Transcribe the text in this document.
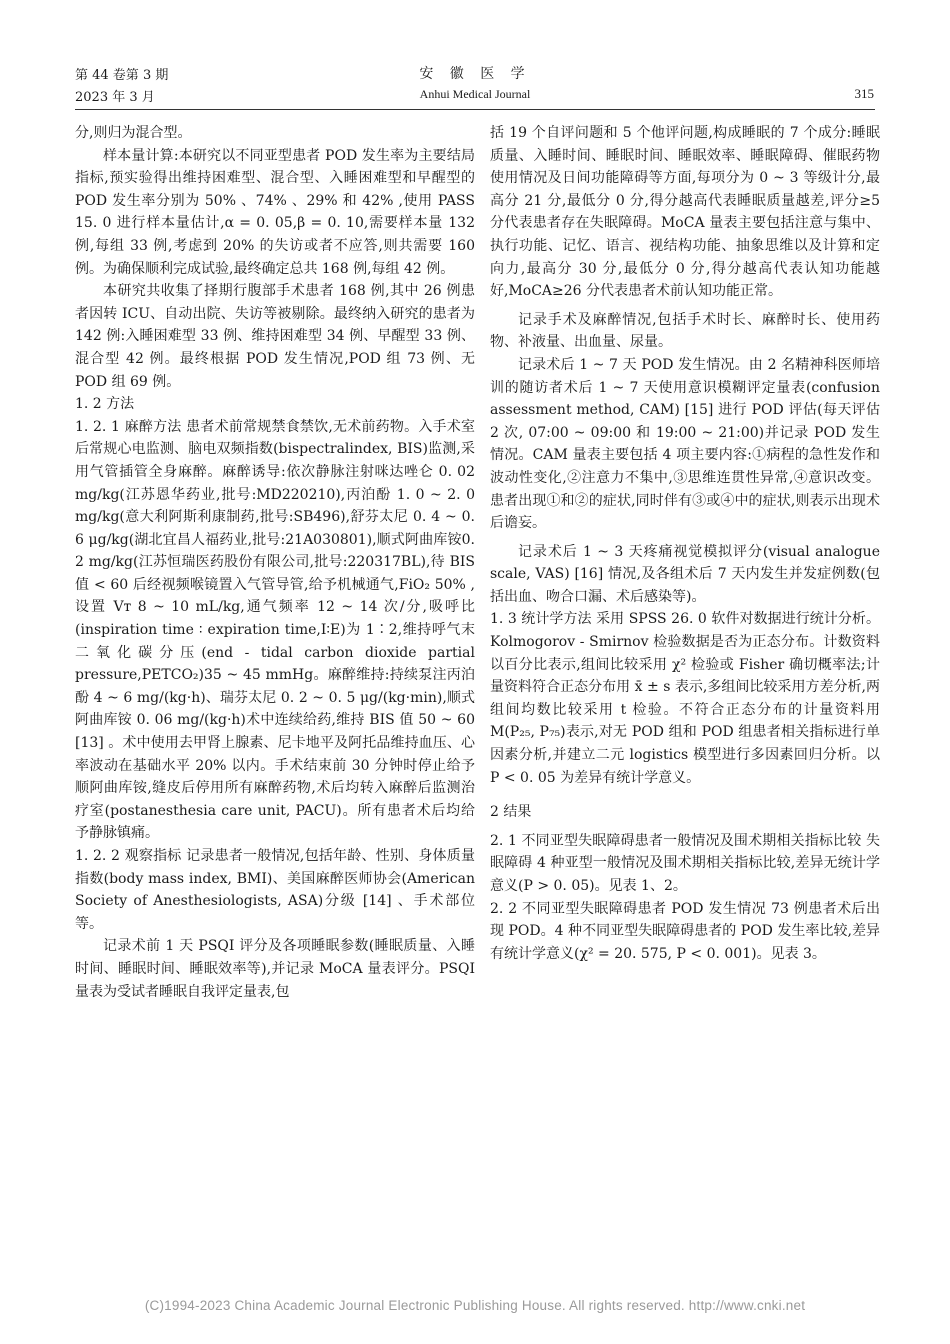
第 44 卷第 3 期
2023 年 3 月
安 徽 医 学
Anhui Medical Journal	315

分,则归为混合型。

样本量计算:本研究以不同亚型患者 POD 发生率为主要结局指标,预实验得出维持困难型、混合型、入睡困难型和早醒型的 POD 发生率分别为 50% 、74% 、29% 和 42% ,使用 PASS 15. 0 进行样本量估计,α = 0. 05,β = 0. 10,需要样本量 132 例,每组 33 例,考虑到 20% 的失访或者不应答,则共需要 160 例。为确保顺利完成试验,最终确定总共 168 例,每组 42 例。

本研究共收集了择期行腹部手术患者 168 例,其中 26 例患者因转 ICU、自动出院、失访等被剔除。最终纳入研究的患者为 142 例:入睡困难型 33 例、维持困难型 34 例、早醒型 33 例、混合型 42 例。最终根据 POD 发生情况,POD 组 73 例、无 POD 组 69 例。

1. 2 方法

1. 2. 1 麻醉方法 患者术前常规禁食禁饮,无术前药物。入手术室后常规心电监测、脑电双频指数(bispectralindex, BIS)监测,采用气管插管全身麻醉。麻醉诱导:依次静脉注射咪达唑仑 0. 02 mg/kg(江苏恩华药业,批号:MD220210),丙泊酚 1. 0 ~ 2. 0 mg/kg(意大利阿斯利康制药,批号:SB496),舒芬太尼 0. 4 ~ 0. 6 μg/kg(湖北宜昌人福药业,批号:21A030801),顺式阿曲库铵0. 2 mg/kg(江苏恒瑞医药股份有限公司,批号:220317BL),待 BIS 值 < 60 后经视频喉镜置入气管导管,给予机械通气,FiO₂ 50% ,设置 Vт 8 ~ 10 mL/kg,通气频率 12 ~ 14 次/分,吸呼比(inspiration time ∶ expiration time,I∶E)为 1∶2,维持呼气末二氧化碳分压(end - tidal carbon dioxide partial pressure,PETCO₂)35 ~ 45 mmHg。麻醉维持:持续泵注丙泊酚 4 ~ 6 mg/(kg·h)、瑞芬太尼 0. 2 ~ 0. 5 μg/(kg·min),顺式阿曲库铵 0. 06 mg/(kg·h)术中连续给药,维持 BIS 值 50 ~ 60 [13] 。术中使用去甲肾上腺素、尼卡地平及阿托品维持血压、心率波动在基础水平 20% 以内。手术结束前 30 分钟时停止给予顺阿曲库铵,缝皮后停用所有麻醉药物,术后均转入麻醉后监测治疗室(postanesthesia care unit, PACU)。所有患者术后均给予静脉镇痛。

1. 2. 2 观察指标 记录患者一般情况,包括年龄、性别、身体质量指数(body mass index, BMI)、美国麻醉医师协会(American Society of Anesthesiologists, ASA)分级 [14] 、手术部位等。

记录术前 1 天 PSQI 评分及各项睡眠参数(睡眠质量、入睡时间、睡眠时间、睡眠效率等),并记录 MoCA 量表评分。PSQI 量表为受试者睡眠自我评定量表,包

括 19 个自评问题和 5 个他评问题,构成睡眠的 7 个成分:睡眠质量、入睡时间、睡眠时间、睡眠效率、睡眠障碍、催眠药物使用情况及日间功能障碍等方面,每项分为 0 ~ 3 等级计分,最高分 21 分,最低分 0 分,得分越高代表睡眠质量越差,评分≥5 分代表患者存在失眠障碍。MoCA 量表主要包括注意与集中、执行功能、记忆、语言、视结构功能、抽象思维以及计算和定向力,最高分 30 分,最低分 0 分,得分越高代表认知功能越好,MoCA≥26 分代表患者术前认知功能正常。

记录手术及麻醉情况,包括手术时长、麻醉时长、使用药物、补液量、出血量、尿量。

记录术后 1 ~ 7 天 POD 发生情况。由 2 名精神科医师培训的随访者术后 1 ~ 7 天使用意识模糊评定量表(confusion assessment method, CAM) [15] 进行 POD 评估(每天评估 2 次, 07:00 ~ 09:00 和 19:00 ~ 21:00)并记录 POD 发生情况。CAM 量表主要包括 4 项主要内容:①病程的急性发作和波动性变化,②注意力不集中,③思维连贯性异常,④意识改变。患者出现①和②的症状,同时伴有③或④中的症状,则表示出现术后谵妄。

记录术后 1 ~ 3 天疼痛视觉模拟评分(visual analogue scale, VAS) [16] 情况,及各组术后 7 天内发生并发症例数(包括出血、吻合口漏、术后感染等)。

1. 3 统计学方法 采用 SPSS 26. 0 软件对数据进行统计分析。Kolmogorov - Smirnov 检验数据是否为正态分布。计数资料以百分比表示,组间比较采用 χ² 检验或 Fisher 确切概率法;计量资料符合正态分布用 x̄ ± s 表示,多组间比较采用方差分析,两组间均数比较采用 t 检验。不符合正态分布的计量资料用 M(P₂₅, P₇₅)表示,对无 POD 组和 POD 组患者相关指标进行单因素分析,并建立二元 logistics 模型进行多因素回归分析。以 P < 0. 05 为差异有统计学意义。

2 结果

2. 1 不同亚型失眠障碍患者一般情况及围术期相关指标比较 失眠障碍 4 种亚型一般情况及围术期相关指标比较,差异无统计学意义(P > 0. 05)。见表 1、2。

2. 2 不同亚型失眠障碍患者 POD 发生情况 73 例患者术后出现 POD。4 种不同亚型失眠障碍患者的 POD 发生率比较,差异有统计学意义(χ² = 20. 575, P < 0. 001)。见表 3。

(C)1994-2023 China Academic Journal Electronic Publishing House. All rights reserved. http://www.cnki.net
